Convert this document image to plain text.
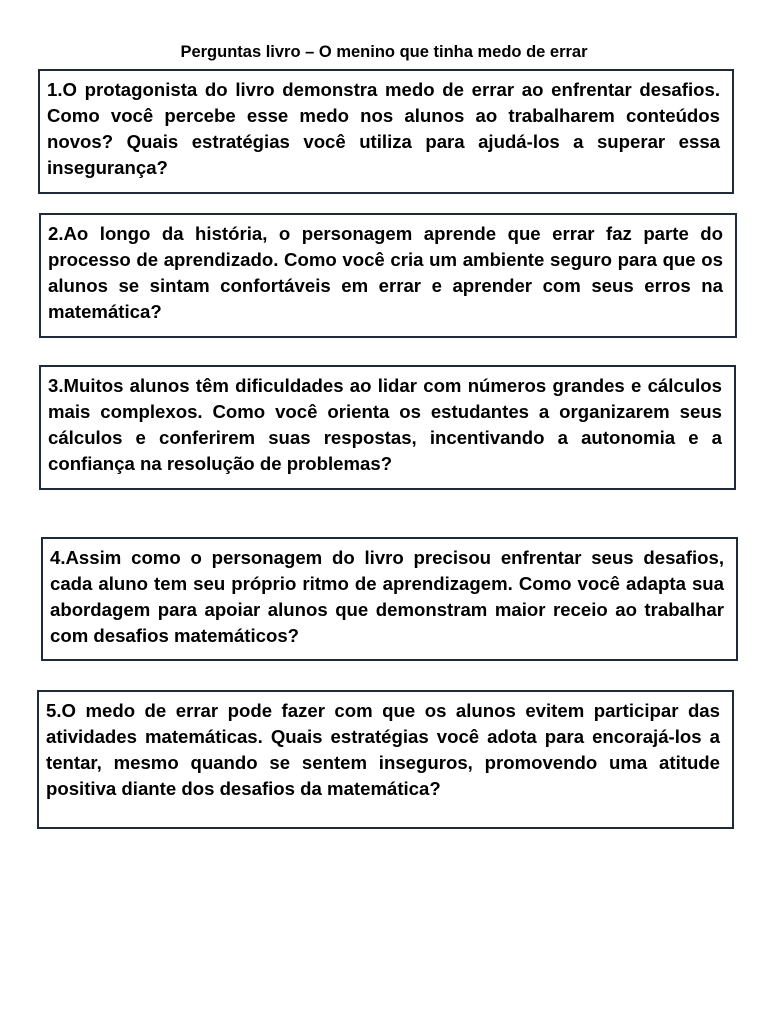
Perguntas livro – O menino que tinha medo de errar

1.O protagonista do livro demonstra medo de errar ao enfrentar desafios. Como você percebe esse medo nos alunos ao trabalharem conteúdos novos? Quais estratégias você utiliza para ajudá-los a superar essa insegurança?

2.Ao longo da história, o personagem aprende que errar faz parte do processo de aprendizado. Como você cria um ambiente seguro para que os alunos se sintam confortáveis em errar e aprender com seus erros na matemática?

3.Muitos alunos têm dificuldades ao lidar com números grandes e cálculos mais complexos. Como você orienta os estudantes a organizarem seus cálculos e conferirem suas respostas, incentivando a autonomia e a confiança na resolução de problemas?

4.Assim como o personagem do livro precisou enfrentar seus desafios, cada aluno tem seu próprio ritmo de aprendizagem. Como você adapta sua abordagem para apoiar alunos que demonstram maior receio ao trabalhar com desafios matemáticos?

5.O medo de errar pode fazer com que os alunos evitem participar das atividades matemáticas. Quais estratégias você adota para encorajá-los a tentar, mesmo quando se sentem inseguros, promovendo uma atitude positiva diante dos desafios da matemática?
